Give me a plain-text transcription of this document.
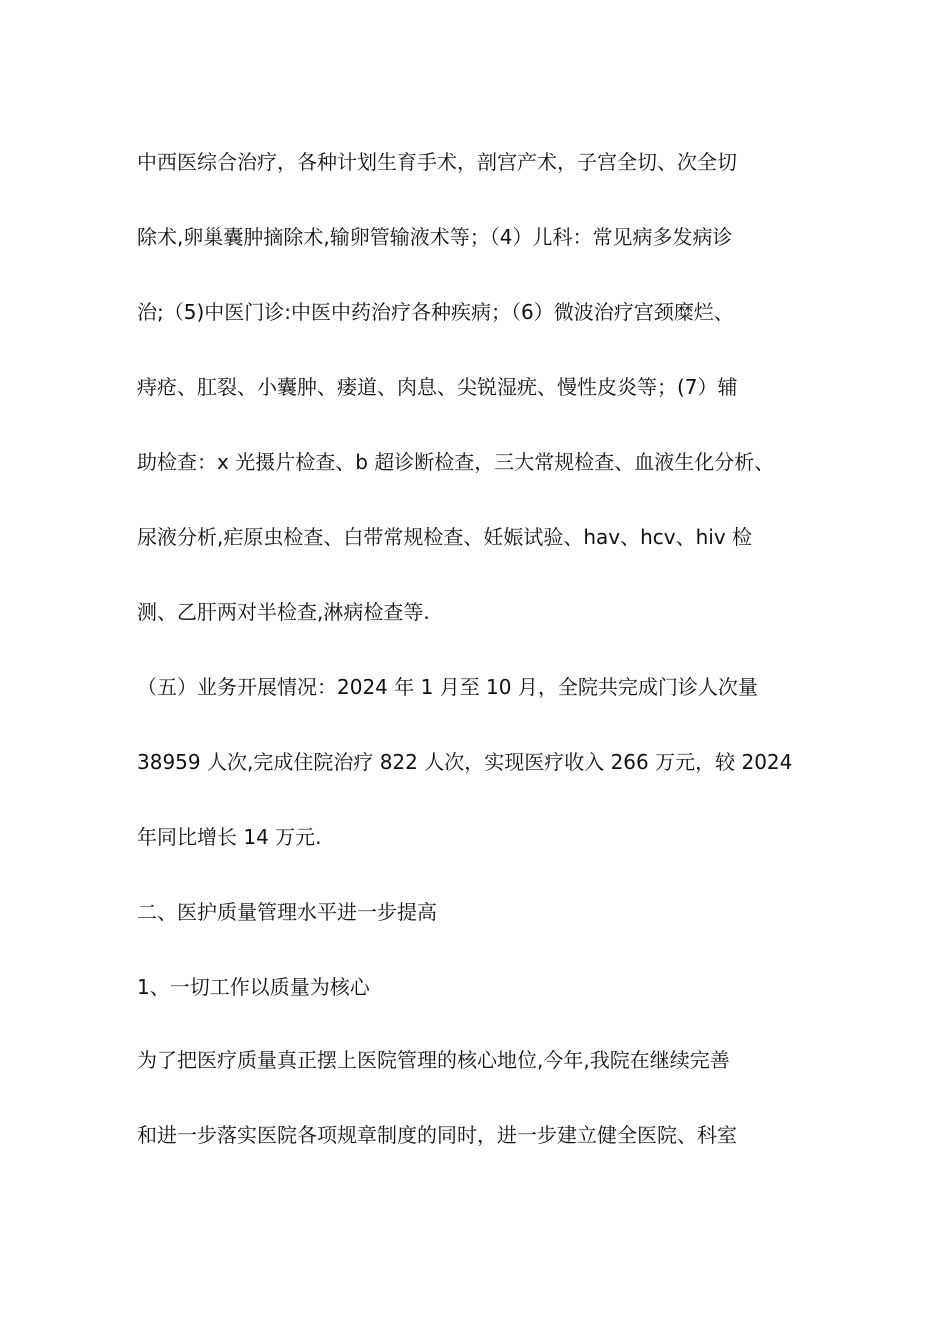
中西医综合治疗，各种计划生育手术，剖宫产术，子宫全切、次全切
除术,卵巢囊肿摘除术,输卵管输液术等；（4）儿科：常见病多发病诊
治;（5)中医门诊:中医中药治疗各种疾病；（6）微波治疗宫颈糜烂、
痔疮、肛裂、小囊肿、瘘道、肉息、尖锐湿疣、慢性皮炎等；(7）辅
助检查：x 光摄片检查、b 超诊断检查，三大常规检查、血液生化分析、
尿液分析,疟原虫检查、白带常规检查、妊娠试验、hav、hcv、hiv 检
测、乙肝两对半检查,淋病检查等.
（五）业务开展情况：2024 年 1 月至 10 月，全院共完成门诊人次量
38959 人次,完成住院治疗 822 人次，实现医疗收入 266 万元，较 2024
年同比增长 14 万元.
二、医护质量管理水平进一步提高
1、一切工作以质量为核心
为了把医疗质量真正摆上医院管理的核心地位,今年,我院在继续完善
和进一步落实医院各项规章制度的同时，进一步建立健全医院、科室
